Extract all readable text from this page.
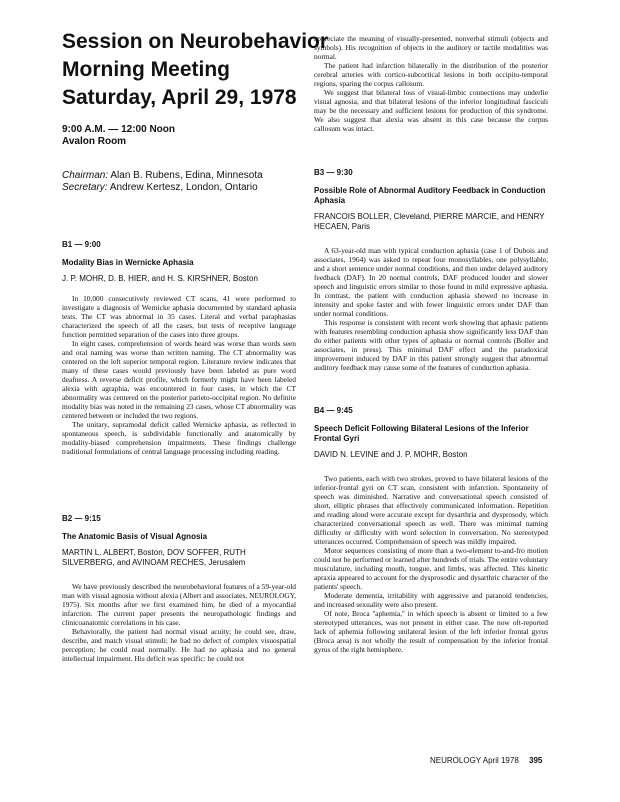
Session on Neurobehavior
Morning Meeting
Saturday, April 29, 1978
9:00 A.M. — 12:00 Noon
Avalon Room
Chairman: Alan B. Rubens, Edina, Minnesota
Secretary: Andrew Kertesz, London, Ontario
B1 — 9:00
Modality Bias in Wernicke Aphasia
J. P. MOHR, D. B. HIER, and H. S. KIRSHNER, Boston

In 10,000 consecutively reviewed CT scans, 41 were performed to investigate a diagnosis of Wernicke aphasia documented by standard aphasia tests. The CT was abnormal in 35 cases. Literal and verbal paraphasias characterized the speech of all the cases, but tests of receptive language function permitted separation of the cases into three groups.

In eight cases, comprehension of words heard was worse than words seen and oral naming was worse than written naming. The CT abnormality was centered on the left superior temporal region. Literature review indicates that many of these cases would previously have been labeled as pure word deafness. A reverse deficit profile, which formerly might have been labeled alexia with agraphia, was encountered in four cases, in which the CT abnormality was centered on the posterior parieto-occipital region. No definite modality bias was noted in the remaining 23 cases, whose CT abnormality was centered between or included the two regions.

The unitary, supramodal deficit called Wernicke aphasia, as reflected in spontaneous speech, is subdividable functionally and anatomically by modality-biased comprehension impairments. These findings challenge traditional formulations of central language processing including reading.

B2 — 9:15
The Anatomic Basis of Visual Agnosia
MARTIN L. ALBERT, Boston, DOV SOFFER, RUTH SILVERBERG, and AVINOAM RECHES, Jerusalem

We have previously described the neurobehavioral features of a 59-year-old man with visual agnosia without alexia (Albert and associates, NEUROLOGY, 1975). Six months after we first examined him, he died of a myocardial infarction. The current paper presents the neuropathologic findings and clinicoanatomic correlations in his case.

Behaviorally, the patient had normal visual acuity; he could see, draw, describe, and match visual stimuli; he had no defect of complex visuospatial perception; he could read normally. He had no aphasia and no general intellectual impairment. His deficit was specific: he could not

appreciate the meaning of visually-presented, nonverbal stimuli (objects and symbols). His recognition of objects in the auditory or tactile modalities was normal.

The patient had infarction bilaterally in the distribution of the posterior cerebral arteries with cortico-subcortical lesions in both occipito-temporal regions, sparing the corpus callosum.

We suggest that bilateral loss of visual-limbic connections may underlie visual agnosia, and that bilateral lesions of the inferior longitudinal fasciculi may be the necessary and sufficient lesions for production of this syndrome. We also suggest that alexia was absent in this case because the corpus callosum was intact.

B3 — 9:30
Possible Role of Abnormal Auditory Feedback in Conduction Aphasia
FRANCOIS BOLLER, Cleveland, PIERRE MARCIE, and HENRY HECAEN, Paris

A 63-year-old man with typical conduction aphasia (case 1 of Dubois and associates, 1964) was asked to repeat four monosyllables, one polysyllable, and a short sentence under normal conditions, and then under delayed auditory feedback (DAF). In 20 normal controls, DAF produced louder and slower speech and linguistic errors similar to those found in mild expressive aphasia. In contrast, the patient with conduction aphasia showed no increase in intensity and spoke faster and with fewer linguistic errors under DAF than under normal conditions.

This response is consistent with recent work showing that aphasic patients with features resembling conduction aphasia show significantly less DAF than do either patients with other types of aphasia or normal controls (Boller and associates, in press). This minimal DAF effect and the paradoxical improvement induced by DAF in this patient strongly suggest that abnormal auditory feedback may cause some of the features of conduction aphasia.

B4 — 9:45
Speech Deficit Following Bilateral Lesions of the Inferior Frontal Gyri
DAVID N. LEVINE and J. P. MOHR, Boston

Two patients, each with two strokes, proved to have bilateral lesions of the inferior-frontal gyri on CT scan, consistent with infarction. Spontaneity of speech was diminished. Narrative and conversational speech consisted of short, elliptic phrases that effectively communicated information. Repetition and reading aloud were accurate except for dysarthria and dysprosody, which characterized conversational speech as well. There was minimal naming difficulty or difficulty with word selection in conversation. No stereotyped utterances occurred. Comprehension of speech was mildly impaired.

Motor sequences consisting of more than a two-element to-and-fro motion could not be performed or learned after hundreds of trials. The entire voluntary musculature, including mouth, tongue, and limbs, was affected. This kinetic apraxia appeared to account for the dysprosodic and dysarthric character of the patients' speech.

Moderate dementia, irritability with aggressive and paranoid tendencies, and increased sexuality were also present.

Of note, Broca ''aphemia,'' in which speech is absent or limited to a few stereotyped utterances, was not present in either case. The now oft-reported lack of aphemia following unilateral lesion of the left inferior frontal gyrus (Broca area) is not wholly the result of compensation by the inferior frontal gyrus of the right hemisphere.

NEUROLOGY April 1978 395
